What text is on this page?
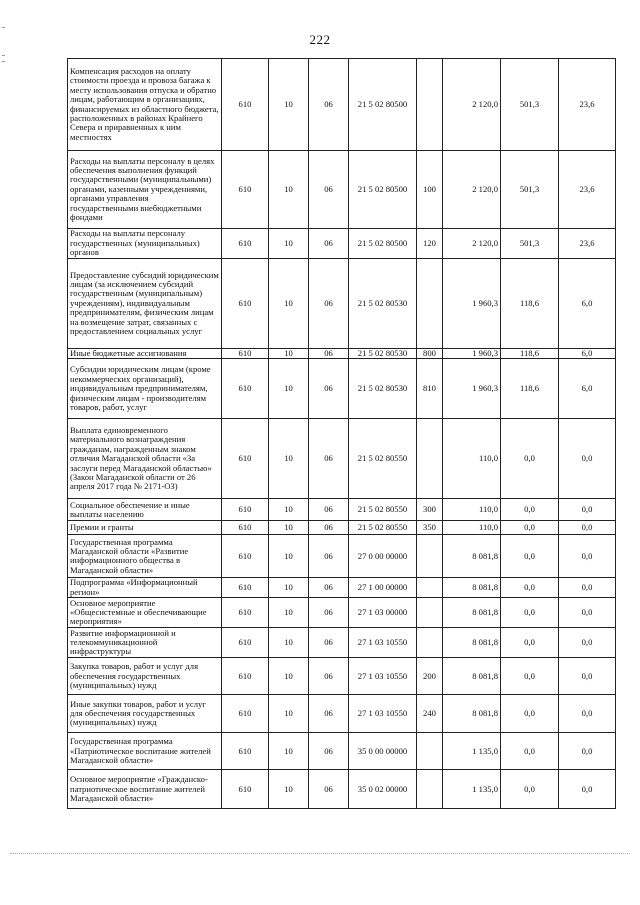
222
Компенсация расходов на оплату стоимости проезда и провоза багажа к месту использования отпуска и обратно лицам, работающим в организациях, финансируемых из областного бюджета, расположенных в районах Крайнего Севера и приравненных к ним местностях	610	10	06	21 5 02 80500		2 120,0	501,3	23,6
Расходы на выплаты персоналу в целях обеспечения выполнения функций государственными (муниципальными) органами, казенными учреждениями, органами управления государственными внебюджетными фондами	610	10	06	21 5 02 80500	100	2 120,0	501,3	23,6
Расходы на выплаты персоналу государственных (муниципальных) органов	610	10	06	21 5 02 80500	120	2 120,0	501,3	23,6
Предоставление субсидий юридическим лицам (за исключением субсидий государственным (муниципальным) учреждениям), индивидуальным предпринимателям, физическим лицам на возмещение затрат, связанных с предоставлением социальных услуг	610	10	06	21 5 02 80530		1 960,3	118,6	6,0
Иные бюджетные ассигнования	610	10	06	21 5 02 80530	800	1 960,3	118,6	6,0
Субсидии юридическим лицам (кроме некоммерческих организаций), индивидуальным предпринимателям, физическим лицам - производителям товаров, работ, услуг	610	10	06	21 5 02 80530	810	1 960,3	118,6	6,0
Выплата единовременного материального вознаграждения гражданам, награжденным знаком отличия Магаданской области «За заслуги перед Магаданской областью» (Закон Магаданской области от 26 апреля 2017 года № 2171-ОЗ)	610	10	06	21 5 02 80550		110,0	0,0	0,0
Социальное обеспечение и иные выплаты населению	610	10	06	21 5 02 80550	300	110,0	0,0	0,0
Премии и гранты	610	10	06	21 5 02 80550	350	110,0	0,0	0,0
Государственная программа Магаданской области «Развитие информационного общества в Магаданской области»	610	10	06	27 0 00 00000		8 081,8	0,0	0,0
Подпрограмма «Информационный регион»	610	10	06	27 1 00 00000		8 081,8	0,0	0,0
Основное мероприятие «Общесистемные и обеспечивающие мероприятия»	610	10	06	27 1 03 00000		8 081,8	0,0	0,0
Развитие информационной и телекоммуникационной инфраструктуры	610	10	06	27 1 03 10550		8 081,8	0,0	0,0
Закупка товаров, работ и услуг для обеспечения государственных (муниципальных) нужд	610	10	06	27 1 03 10550	200	8 081,8	0,0	0,0
Иные закупки товаров, работ и услуг для обеспечения государственных (муниципальных) нужд	610	10	06	27 1 03 10550	240	8 081,8	0,0	0,0
Государственная программа «Патриотическое воспитание жителей Магаданской области»	610	10	06	35 0 00 00000		1 135,0	0,0	0,0
Основное мероприятие «Гражданско-патриотическое воспитание жителей Магаданской области»	610	10	06	35 0 02 00000		1 135,0	0,0	0,0
